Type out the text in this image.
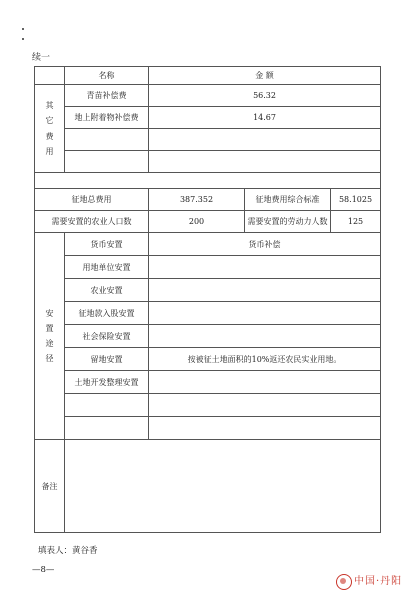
续一
	名称	金 额		

其
它
费
用	青苗补偿费	56.32		
	地上附着物补偿费	14.67		

征地总费用		387.352	征地费用综合标准	58.1025
需要安置的农业人口数		200	需要安置的劳动力人数	125

安
置
途
径	货币安置	货币补偿		
	用地单位安置			
	农业安置			
	征地款入股安置			
	社会保险安置			
	留地安置	按被征土地面积的10%返还农民实业用地。		
	土地开发整理安置			

备注				
填表人：黄谷香
—8—
中国·丹阳
